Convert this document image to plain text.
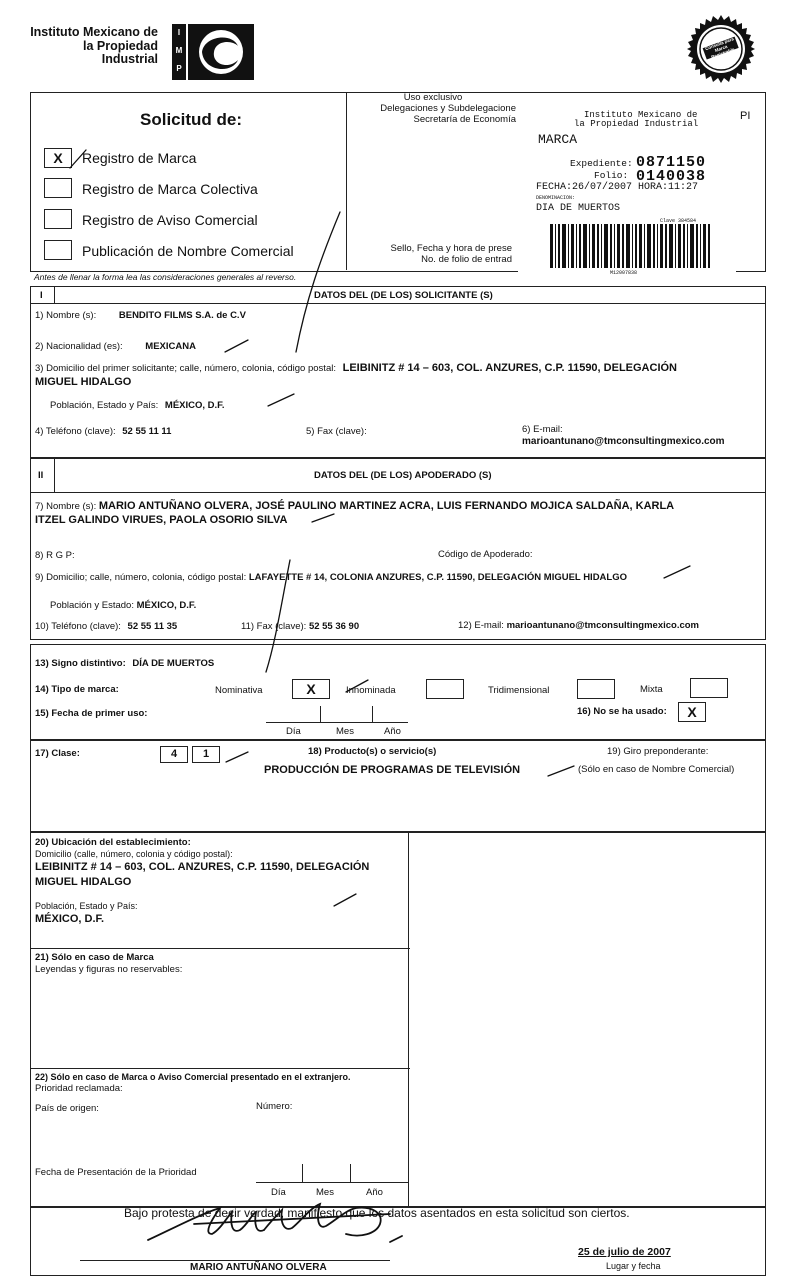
Instituto Mexicano de la Propiedad Industrial
I
M
P
Consulta para Marca Registrable APROBADO coremex
Solicitud de:
X	Registro de Marca
Registro de Marca Colectiva
Registro de Aviso Comercial
Publicación de Nombre Comercial
Uso exclusivo
Delegaciones y Subdelegacione
Secretaría de Economía
Sello, Fecha y hora de prese
No. de folio de entrad
PI
Instituto Mexicano de
la Propiedad Industrial
MARCA
Expediente: 0871150
Folio: 0140038
FECHA:26/07/2007 HORA:11:27
DENOMINACION:
DIA DE MUERTOS
Clave 384584
M12007838
Antes de llenar la forma lea las consideraciones generales al reverso.
I	DATOS DEL (DE LOS) SOLICITANTE (S)
1) Nombre (s): BENDITO FILMS S.A. de C.V
2) Nacionalidad (es): MEXICANA
3) Domicilio del primer solicitante; calle, número, colonia, código postal: LEIBINITZ # 14 – 603, COL. ANZURES, C.P. 11590, DELEGACIÓN
MIGUEL HIDALGO
Población, Estado y País: MÉXICO, D.F.
4) Teléfono (clave): 52 55 11 11	5) Fax (clave):	6) E-mail:
marioantunano@tmconsultingmexico.com
II	DATOS DEL (DE LOS) APODERADO (S)
7) Nombre (s): MARIO ANTUÑANO OLVERA, JOSÉ PAULINO MARTINEZ ACRA, LUIS FERNANDO MOJICA SALDAÑA, KARLA
ITZEL GALINDO VIRUES, PAOLA OSORIO SILVA
8) R G P:	Código de Apoderado:
9) Domicilio; calle, número, colonia, código postal: LAFAYETTE # 14, COLONIA ANZURES, C.P. 11590, DELEGACIÓN MIGUEL HIDALGO
Población y Estado: MÉXICO, D.F.
10) Teléfono (clave): 52 55 11 35	11) Fax (clave): 52 55 36 90	12) E-mail: marioantunano@tmconsultingmexico.com
13) Signo distintivo: DÍA DE MUERTOS
14) Tipo de marca:	Nominativa	X	Innominada	Tridimensional	Mixta
15) Fecha de primer uso:
Día	Mes	Año
16) No se ha usado:	X
17) Clase:	4	1	18) Producto(s) o servicio(s)
PRODUCCIÓN DE PROGRAMAS DE TELEVISIÓN
19) Giro preponderante:
(Sólo en caso de Nombre Comercial)
20) Ubicación del establecimiento:
Domicilio (calle, número, colonia y código postal):
LEIBINITZ # 14 – 603, COL. ANZURES, C.P. 11590, DELEGACIÓN
MIGUEL HIDALGO
Población, Estado y País:
MÉXICO, D.F.
21) Sólo en caso de Marca
Leyendas y figuras no reservables:
22) Sólo en caso de Marca o Aviso Comercial presentado en el extranjero.
Prioridad reclamada:
País de origen:	Número:
Fecha de Presentación de la Prioridad
Día	Mes	Año
Bajo protesta de decir verdad, manifiesto que los datos asentados en esta solicitud son ciertos.
MARIO ANTUÑANO OLVERA
25 de julio de 2007
Lugar y fecha
